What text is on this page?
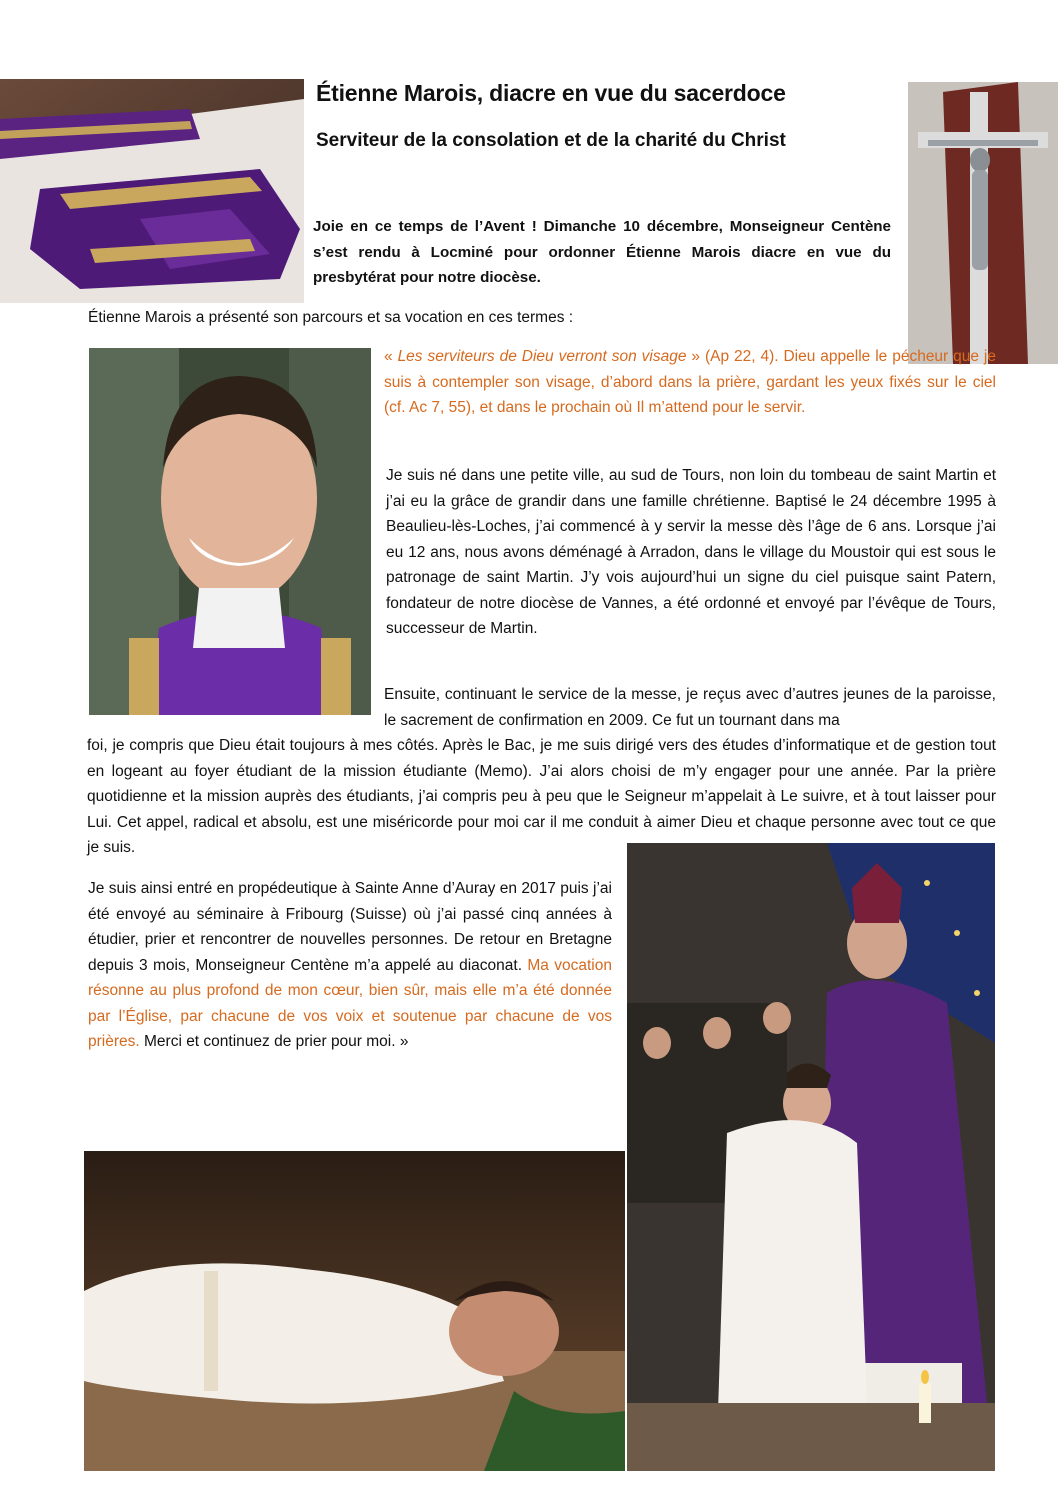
Étienne Marois, diacre en vue du sacerdoce
Serviteur de la consolation et de la charité du Christ

Joie en ce temps de l’Avent ! Dimanche 10 décembre, Monseigneur Centène s’est rendu à Locminé pour ordonner Étienne Marois diacre en vue du presbytérat pour notre diocèse.

Étienne Marois a présenté son parcours et sa vocation en ces termes :

« Les serviteurs de Dieu verront son visage » (Ap 22, 4). Dieu appelle le pécheur que je suis à contempler son visage, d’abord dans la prière, gardant les yeux fixés sur le ciel (cf. Ac 7, 55), et dans le prochain où Il m’attend pour le servir.

Je suis né dans une petite ville, au sud de Tours, non loin du tombeau de saint Martin et j’ai eu la grâce de grandir dans une famille chrétienne. Baptisé le 24 décembre 1995 à Beaulieu-lès-Loches, j’ai commencé à y servir la messe dès l’âge de 6 ans. Lorsque j’ai eu 12 ans, nous avons déménagé à Arradon, dans le village du Moustoir qui est sous le patronage de saint Martin. J’y vois aujourd’hui un signe du ciel puisque saint Patern, fondateur de notre diocèse de Vannes, a été ordonné et envoyé par l’évêque de Tours, successeur de Martin.

Ensuite, continuant le service de la messe, je reçus avec d’autres jeunes de la paroisse, le sacrement de confirmation en 2009. Ce fut un tournant dans ma

foi, je compris que Dieu était toujours à mes côtés. Après le Bac, je me suis dirigé vers des études d’informatique et de gestion tout en logeant au foyer étudiant de la mission étudiante (Memo). J’ai alors choisi de m’y engager pour une année. Par la prière quotidienne et la mission auprès des étudiants, j’ai compris peu à peu que le Seigneur m’appelait à Le suivre, et à tout laisser pour Lui. Cet appel, radical et absolu, est une miséricorde pour moi car il me conduit à aimer Dieu et chaque personne avec tout ce que je suis.

Je suis ainsi entré en propédeutique à Sainte Anne d’Auray en 2017 puis j’ai été envoyé au séminaire à Fribourg (Suisse) où j’ai passé cinq années à étudier, prier et rencontrer de nouvelles personnes. De retour en Bretagne depuis 3 mois, Monseigneur Centène m’a appelé au diaconat. Ma vocation résonne au plus profond de mon cœur, bien sûr, mais elle m’a été donnée par l’Église, par chacune de vos voix et soutenue par chacune de vos prières. Merci et continuez de prier pour moi. »
